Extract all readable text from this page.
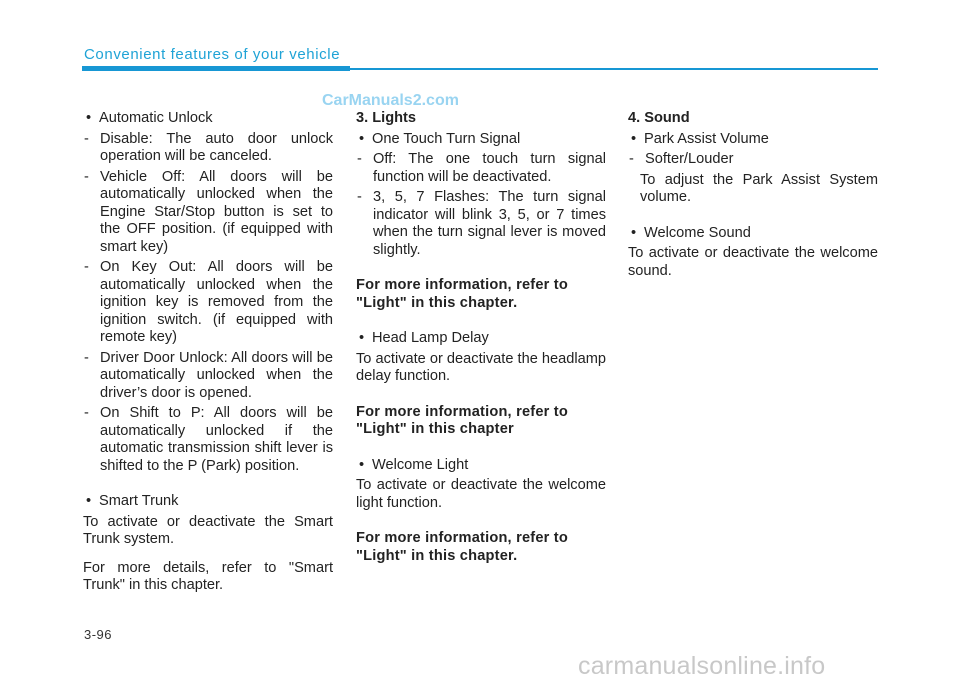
Convenient features of your vehicle
CarManuals2.com
• Automatic Unlock
- Disable: The auto door unlock operation will be canceled.
- Vehicle Off: All doors will be automatically unlocked when the Engine Star/Stop button is set to the OFF position. (if equipped with smart key)
- On Key Out: All doors will be automatically unlocked when the ignition key is removed from the ignition switch. (if equipped with remote key)
- Driver Door Unlock: All doors will be automatically unlocked when the driver’s door is opened.
- On Shift to P: All doors will be automatically unlocked if the automatic transmission shift lever is shifted to the P (Park) position.
• Smart Trunk
To activate or deactivate the Smart Trunk system.
For more details, refer to "Smart Trunk" in this chapter.
3. Lights
• One Touch Turn Signal
- Off: The one touch turn signal function will be deactivated.
- 3, 5, 7 Flashes: The turn signal indicator will blink 3, 5, or 7 times when the turn signal lever is moved slightly.
For more information, refer to "Light" in this chapter.
• Head Lamp Delay
To activate or deactivate the headlamp delay function.
For more information, refer to "Light" in this chapter
• Welcome Light
To activate or deactivate the welcome light function.
For more information, refer to "Light" in this chapter.
4. Sound
• Park Assist Volume
- Softer/Louder
To adjust the Park Assist System volume.
• Welcome Sound
To activate or deactivate the welcome sound.
3-96
carmanualsonline.info
